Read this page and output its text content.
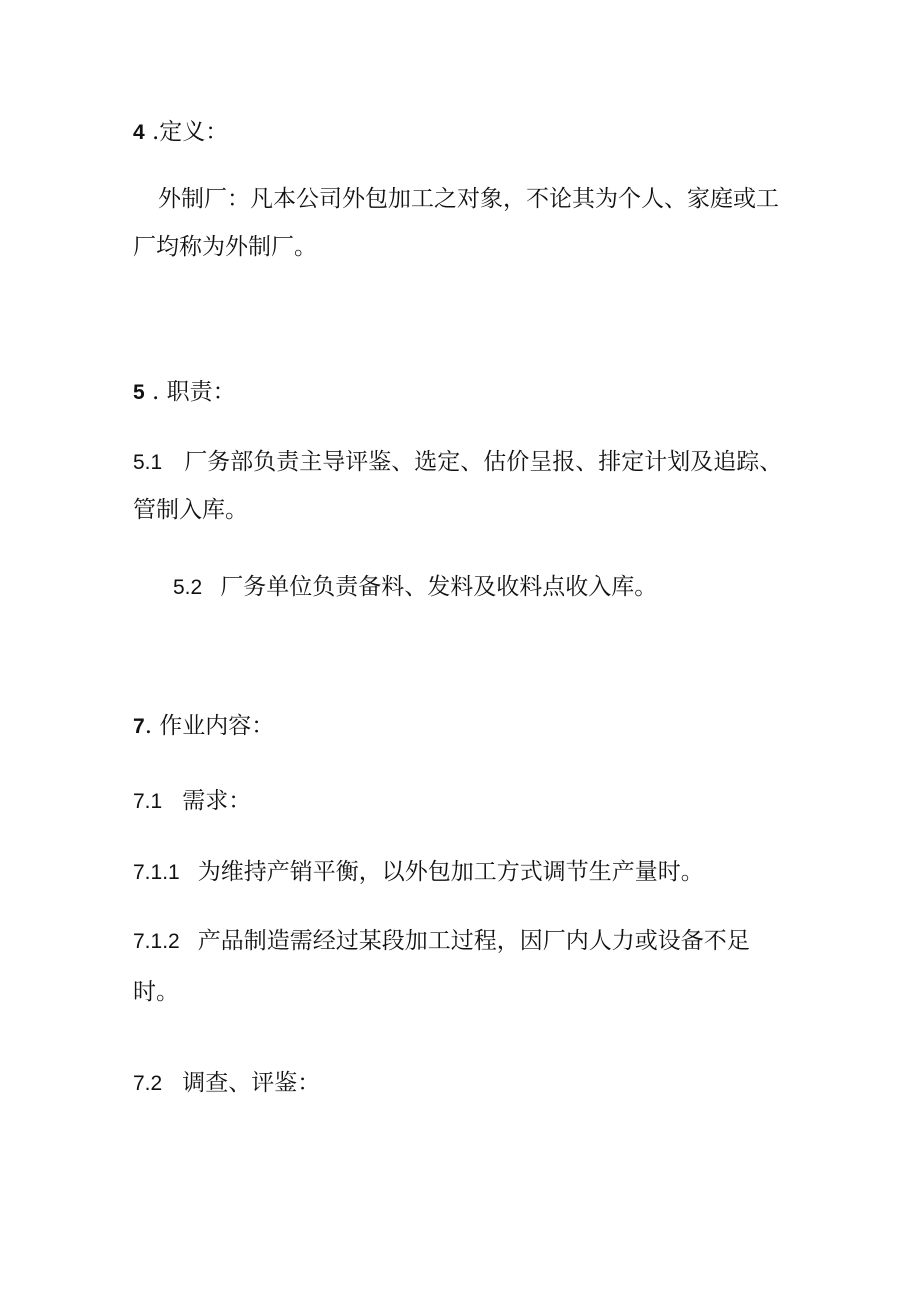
4 .定义：
外制厂：凡本公司外包加工之对象，不论其为个人、家庭或工
厂均称为外制厂。
5 . 职责：
5.1 厂务部负责主导评鉴、选定、估价呈报、排定计划及追踪、
管制入库。
5.2 厂务单位负责备料、发料及收料点收入库。
7. 作业内容：
7.1 需求：
7.1.1 为维持产销平衡，以外包加工方式调节生产量时。
7.1.2 产品制造需经过某段加工过程，因厂内人力或设备不足
时。
7.2 调查、评鉴：
